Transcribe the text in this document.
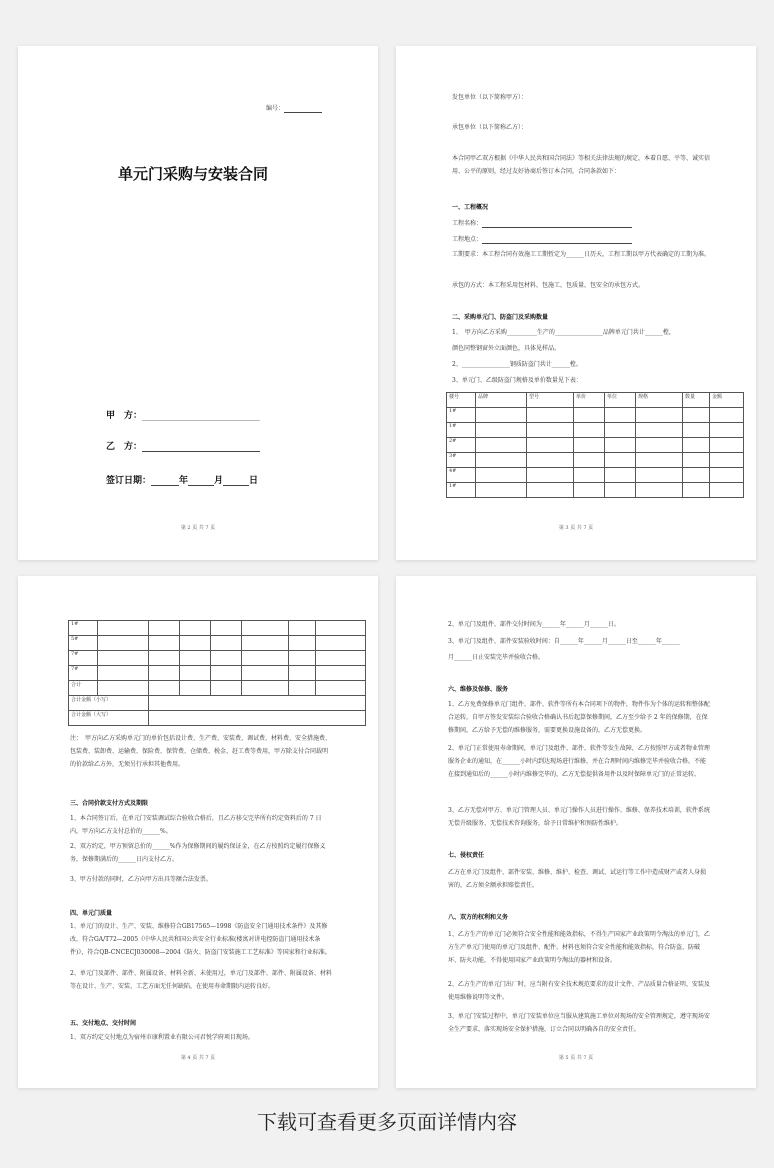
编号：
单元门采购与安装合同
甲　方：
乙　方：
签订日期：	年	月	日
第 2 页 共 7 页
发包单位（以下简称甲方）：
承包单位（以下简称乙方）：
本合同甲乙双方根据《中华人民共和国合同法》等相关法律法规的规定，本着自愿、平等、诚实信用、公平的原则，经过友好协商后签订本合同，合同条款如下：
一、工程概况
工程名称：
工程地点：
工期要求：本工程合同有效施工工期暂定为______日历天，工程工期以甲方代表确定的工期为准。
承包的方式：本工程采用包材料，包施工，包质量，包安全的承包方式。
二、采购单元门、防盗门及采购数量
1、　甲方向乙方采购__________生产的________________品牌单元门共计______樘，
颜色同整钢窗外立面颜色，具体见样品。
2、________________钢质防盗门共计______樘。
3、单元门、乙级防盗门规格及单价数量见下表：
楼号	品牌	型号	单价	单位	规格	数量	金额
1#							
1#							
2#							
3#							
4#							
1#							
第 3 页 共 7 页
1#							
5#							
7#							
7#							
合计							
合计金额（小写）							
合计金额（大写）							
注：　甲方向乙方采购单元门的单价包括设计费、生产费、安装费、调试费、材料费、安全措施费、包装费、装卸费、运输费、保险费、保管费、仓储费、税金、赶工费等费用，甲方除支付合同载明的价款给乙方外，无须另行承担其他费用。
三、合同价款支付方式及期限
1、本合同签订后，在单元门安装调试综合验收合格后，且乙方移交完毕所有约定资料后的 7 日内，甲方向乙方支付总价的______%。
2、双方约定，甲方预留总价的______%作为保修期间的履约保证金，在乙方按照约定履行保修义务，保修期满后的______日内支付乙方。
3、甲方付款的同时，乙方向甲方出具等额合法发票。
四、单元门质量
1、单元门的设计、生产、安装、维修符合GB17565—1998《防盗安全门通用技术条件》及其修改，符合GA/T72—2005《中华人民共和国公共安全行业标准(楼寓对讲电控防盗门通用技术条件)》，符合QB-CNCECJ030008—2004《防火、防盗门安装施工工艺标准》等国家和行业标准。
2、单元门及部件、部件、附属设备、材料全新、未使用过，单元门及部件、部件、附属设备、材料等在设计、生产、安装、工艺方面无任何缺陷，在使用寿命期限内运转良好。
五、交付地点、交付时间
1、双方约定交付地点为宿州市康利置业有限公司君悦学府项目现场。
第 4 页 共 7 页
2、单元门及组件、部件交付时间为______年______月______日。
3、单元门及组件、部件安装验收时间：自______年______月______日至______年______
月______日止安装完毕并验收合格。
六、维修及保修、服务
1、乙方免费保修单元门组件、部件、软件等所有本合同项下的物件，物件作为个体的运转和整体配合运转，自甲方签发安装综合验收合格确认书后起算保修期间，乙方至少给予 2 年的保修期，在保修期间，乙方给予无偿的维修服务，需要更换设施设备的，乙方无偿更换。
2、单元门正常使用寿命期间，单元门及组件、部件、软件等发生故障，乙方按照甲方或者物业管理服务企业的通知，在______小时内到达现场进行维修，并在合理时间内维修完毕并验收合格。不能在接到通知后的______小时内维修完毕的，乙方无偿提供备用件以及时保障单元门的正常运转。
3、乙方无偿对甲方、单元门管理人员、单元门操作人员进行操作、维修、保养技术培训，软件系统无偿升级服务、无偿技术咨询服务，给予日常维护和预防性维护。
七、侵权责任
乙方在单元门及组件、部件安装、维修、维护、检查、调试、试运行等工作中造成财产或者人身损害的，乙方须全额承担赔偿责任。
八、双方的权利和义务
1、乙方生产的单元门必须符合安全性能和能效指标，不得生产国家产业政策明令淘汰的单元门，乙方生产单元门使用的单元门及组件、配件、材料也须符合安全性能和能效指标，符合防盗、防破坏、防火功能，不得使用国家产业政策明令淘汰的器材和设备。
2、乙方生产的单元门出厂时，应当附有安全技术规范要求的设计文件、产品质量合格证明、安装及使用维修说明等文件。
3、单元门安装过程中，单元门安装单位应当服从建筑施工单位对现场的安全管理规定，遵守现场安全生产要求，落实现场安全保护措施，订立合同以明确各自的安全责任。
第 5 页 共 7 页
下载可查看更多页面详情内容
